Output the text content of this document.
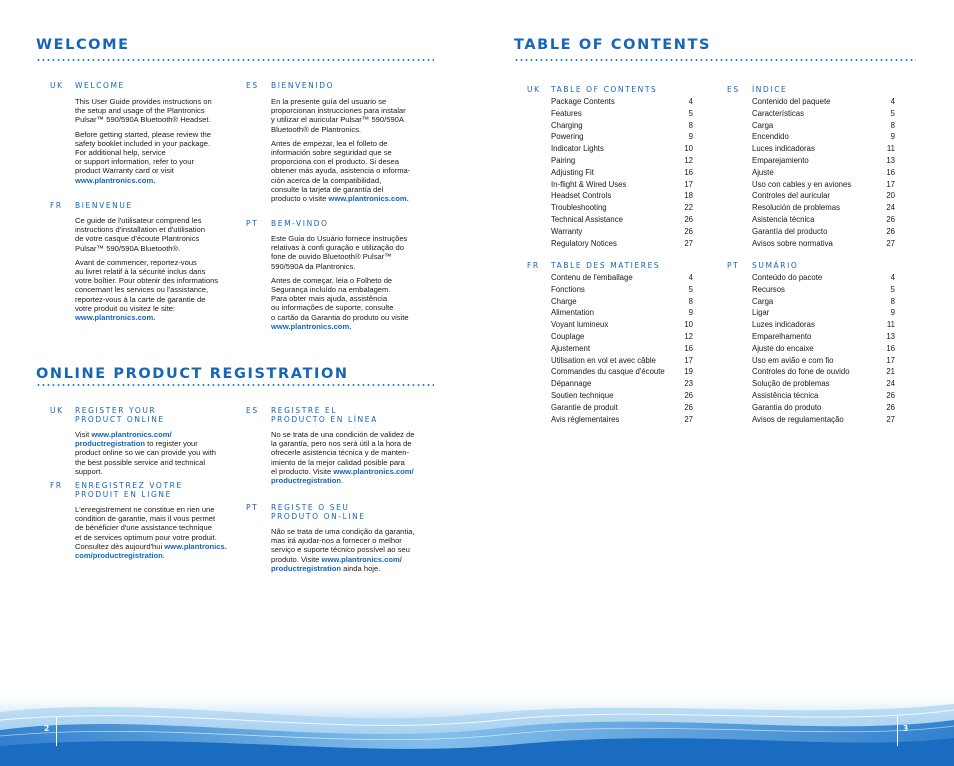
WELCOME
UK WELCOME

This User Guide provides instructions on
the setup and usage of the Plantronics
Pulsar™ 590/590A Bluetooth® Headset.

Before getting started, please review the
safety booklet included in your package.
For additional help, service
or support information, refer to your
product Warranty card or visit
www.plantronics.com.

FR BIENVENUE

Ce guide de l'utilisateur comprend les
instructions d'installation et d'utilisation
de votre casque d'écoute Plantronics
Pulsar™ 590/590A Bluetooth®.

Avant de commencer, reportez-vous
au livret relatif à la sécurité inclus dans
votre boîtier. Pour obtenir des informations
concernant les services ou l'assistance,
reportez-vous à la carte de garantie de
votre produit ou visitez le site:
www.plantronics.com.

ES BIENVENIDO

En la presente guía del usuario se
proporcionan instrucciones para instalar
y utilizar el auricular Pulsar™ 590/590A
Bluetooth® de Plantronics.

Antes de empezar, lea el folleto de
información sobre seguridad que se
proporciona con el producto. Si desea
obtener más ayuda, asistencia o informa-
ción acerca de la compatibilidad,
consulte la tarjeta de garantía del
producto o visite www.plantronics.com.

PT BEM-VINDO

Este Guia do Usuário fornece instruções
relativas à confi guração e utilização do
fone de ouvido Bluetooth® Pulsar™
590/590A da Plantronics.

Antes de começar, leia o Folheto de
Segurança incluído na embalagem.
Para obter mais ajuda, assistência
ou informações de suporte, consulte
o cartão da Garantia do produto ou visite
www.plantronics.com.

ONLINE PRODUCT REGISTRATION
UK REGISTER YOUR
PRODUCT ONLINE

Visit www.plantronics.com/
productregistration to register your
product online so we can provide you with
the best possible service and technical
support.

FR ENREGISTREZ VOTRE
PRODUIT EN LIGNE

L'enregistrement ne constitue en rien une
condition de garantie, mais il vous permet
de bénéficier d'une assistance technique
et de services optimum pour votre produit.
Consultez dès aujourd'hui www.plantronics.
com/productregistration.

ES REGISTRE EL
PRODUCTO EN LÍNEA

No se trata de una condición de validez de
la garantía, pero nos será útil a la hora de
ofrecerle asistencia técnica y de manten-
imiento de la mejor calidad posible para
el producto. Visite www.plantronics.com/
productregistration.

PT REGISTE O SEU
PRODUTO ON-LINE

Não se trata de uma condição da garantia,
mas irá ajudar-nos a fornecer o melhor
serviço e suporte técnico possível ao seu
produto. Visite www.plantronics.com/
productregistration ainda hoje.

TABLE OF CONTENTS
UK TABLE OF CONTENTS
Package Contents	4
Features	5
Charging	8
Powering	9
Indicator Lights	10
Pairing	12
Adjusting Fit	16
In-flight & Wired Uses	17
Headset Controls	18
Troubleshooting	22
Technical Assistance	26
Warranty	26
Regulatory Notices	27
ES ÍNDICE
Contenido del paquete	4
Características	5
Carga	8
Encendido	9
Luces indicadoras	11
Emparejamiento	13
Ajuste	16
Uso con cables y en aviones	17
Controles del auricular	20
Resolución de problemas	24
Asistencia técnica	26
Garantía del producto	26
Avisos sobre normativa	27
FR TABLE DES MATIERES
Contenu de l'emballage	4
Fonctions	5
Charge	8
Alimentation	9
Voyant lumineux	10
Couplage	12
Ajustement	16
Utilisation en vol et avec câble	17
Commandes du casque d'écoute	19
Dépannage	23
Soutien technique	26
Garantie de produit	26
Avis réglementaires	27
PT SUMÁRIO
Conteúdo do pacote	4
Recursos	5
Carga	8
Ligar	9
Luzes indicadoras	11
Emparelhamento	13
Ajuste do encaixe	16
Uso em avião e com fio	17
Controles do fone de ouvido	21
Solução de problemas	24
Assistência técnica	26
Garantia do produto	26
Avisos de regulamentação	27
2	3
